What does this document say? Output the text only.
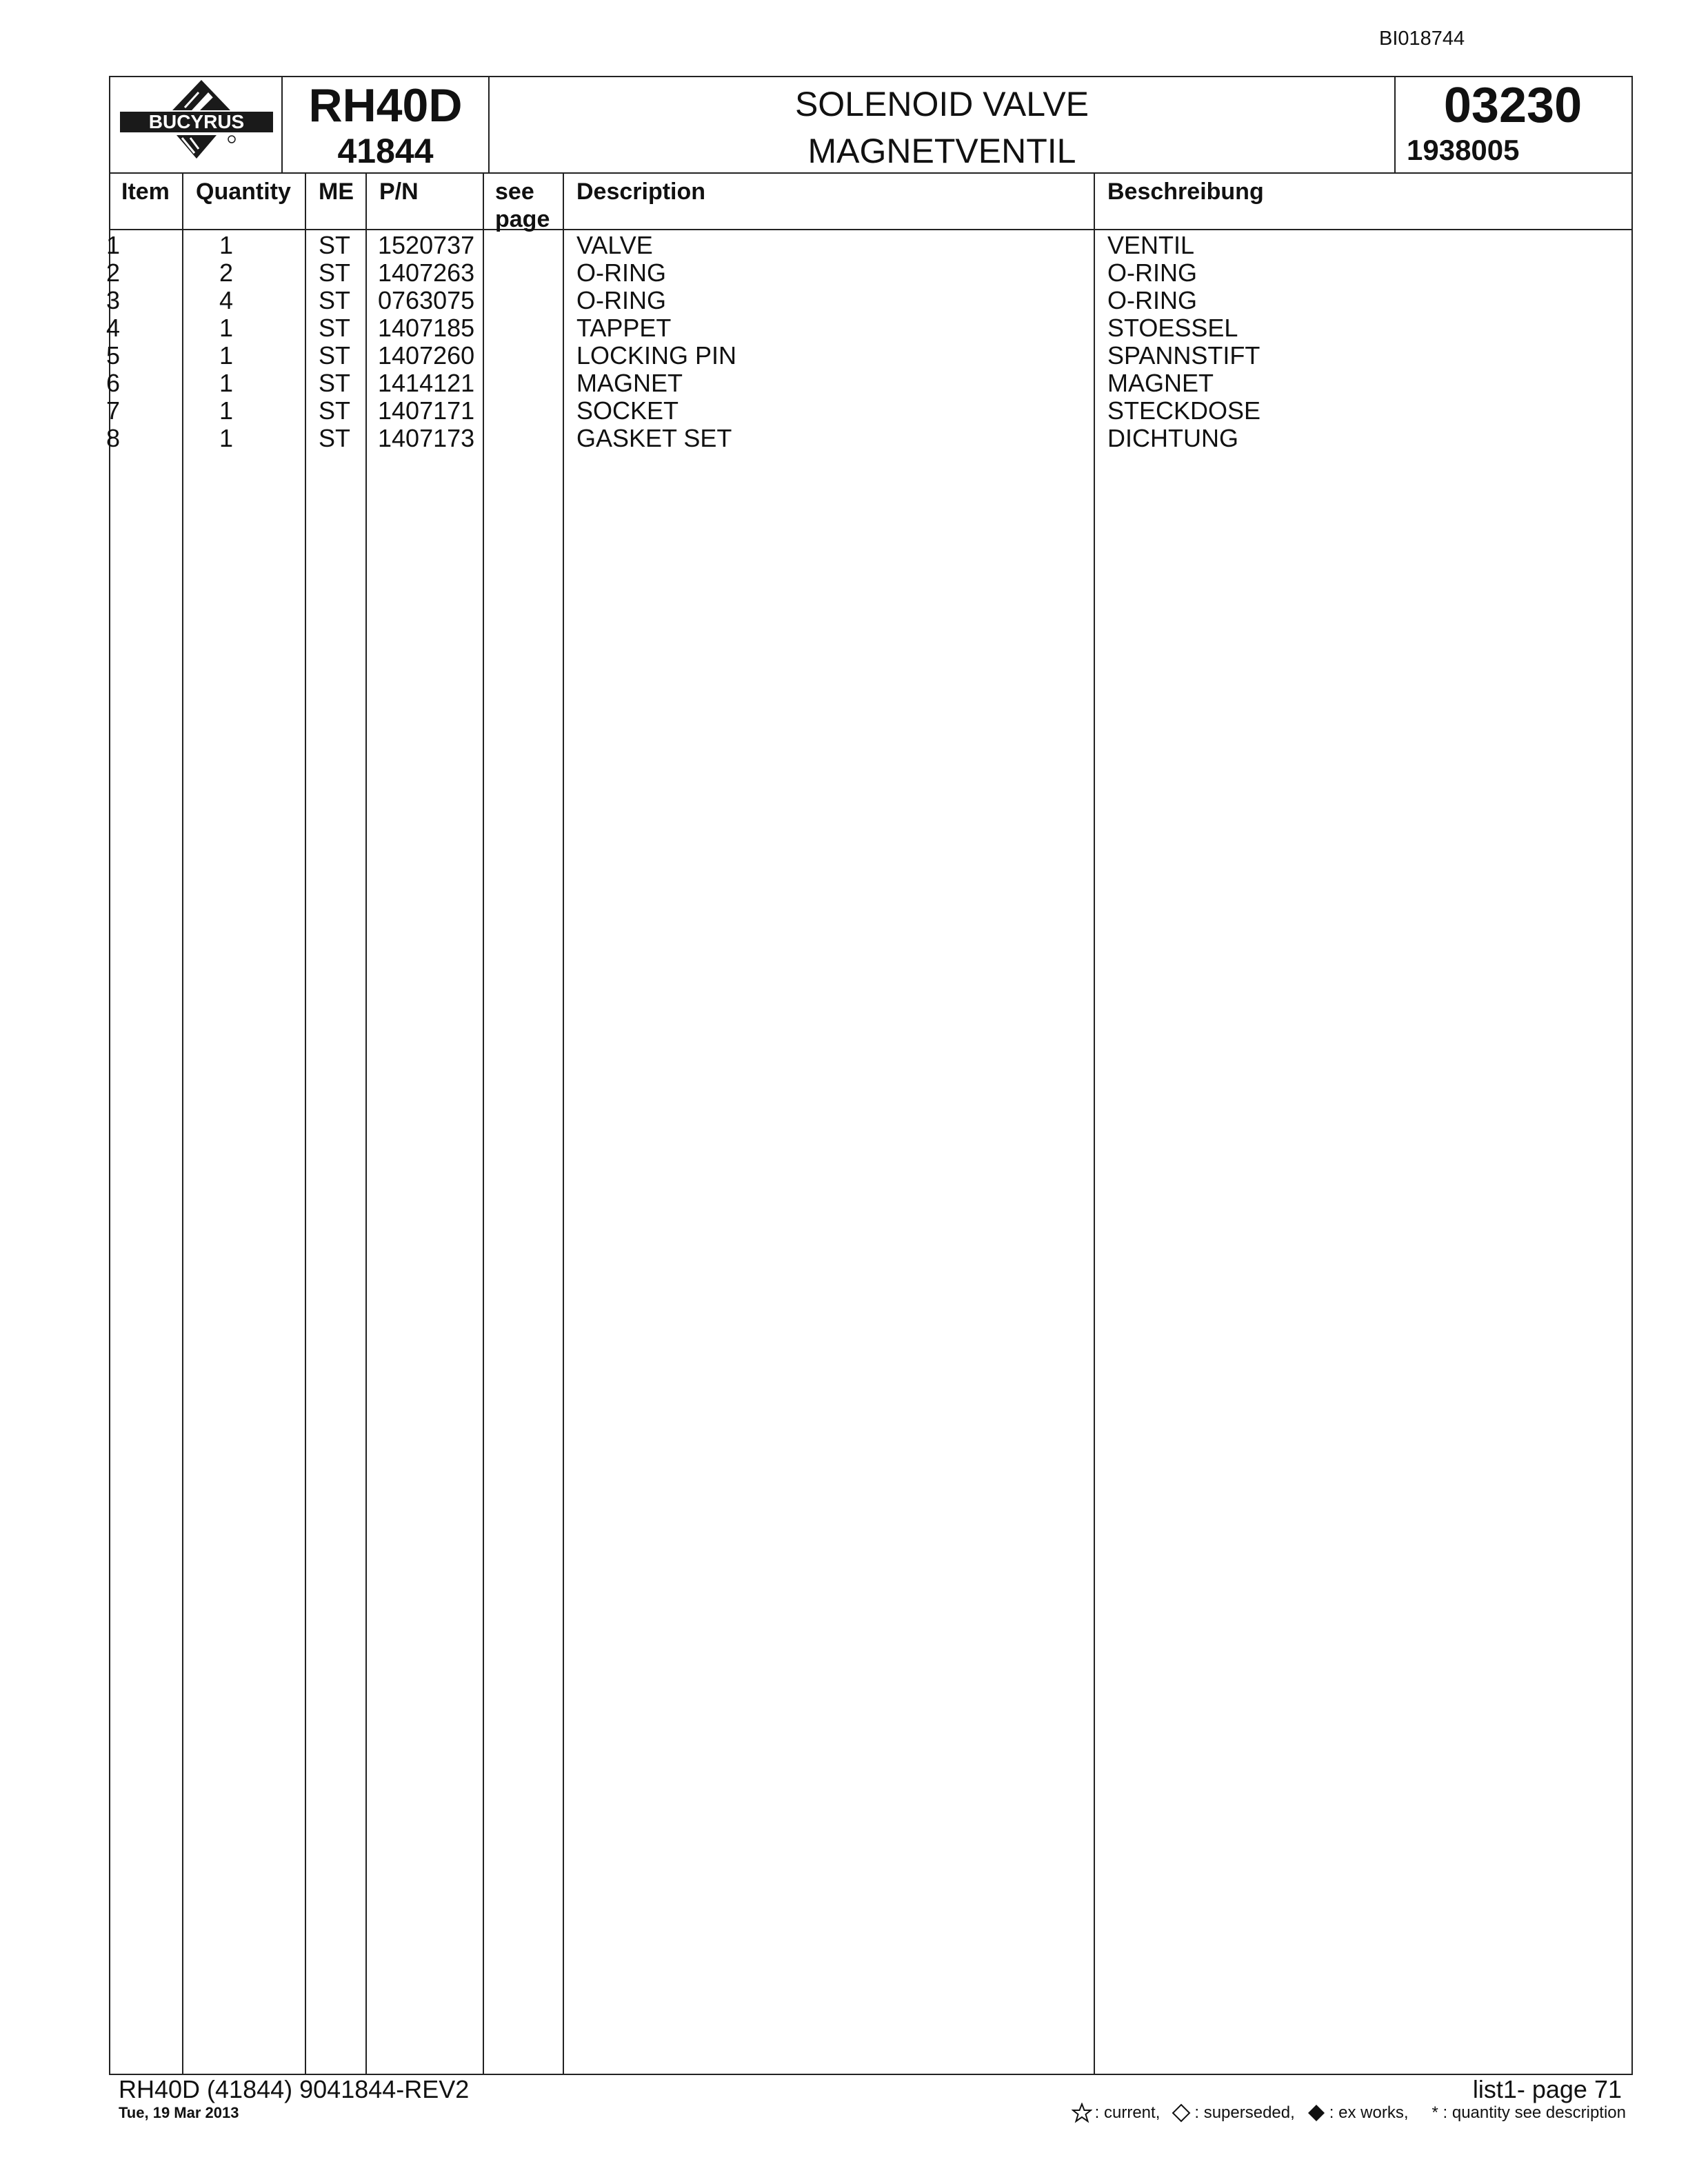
BI018744
BUCYRUS	RH40D
41844
SOLENOID VALVE
MAGNETVENTIL
03230
1938005
Item Quantity ME P/N	see
page
Description	Beschreibung
1	1	ST 1520737	VALVE	VENTIL
2	2	ST 1407263	O-RING	O-RING
3	4	ST 0763075	O-RING	O-RING
4	1	ST 1407185	TAPPET	STOESSEL
5	1	ST 1407260	LOCKING PIN	SPANNSTIFT
6	1	ST 1414121	MAGNET	MAGNET
7	1	ST 1407171	SOCKET	STECKDOSE
8	1	ST 1407173	GASKET SET	DICHTUNG
RH40D (41844) 9041844-REV2
Tue, 19 Mar 2013
list1- page 71
: current, : superseded, : ex works, * : quantity see description
